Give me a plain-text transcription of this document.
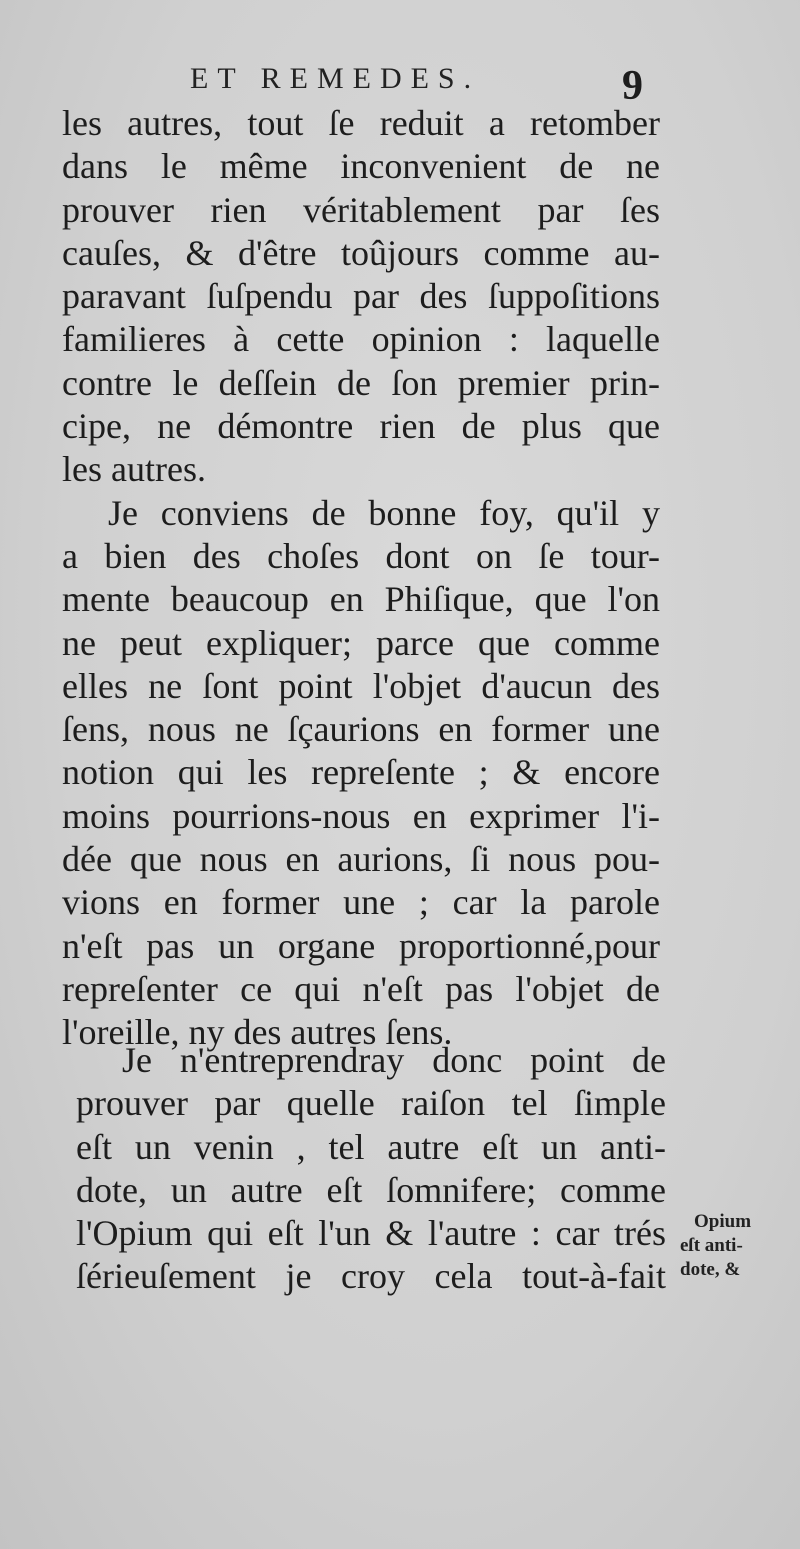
ET REMEDES.	9
les autres, tout ſe reduit a retomber
dans le même inconvenient de ne
prouver rien véritablement par ſes
cauſes, & d'être toûjours comme au-
paravant ſuſpendu par des ſuppoſitions
familieres à cette opinion : laquelle
contre le deſſein de ſon premier prin-
cipe, ne démontre rien de plus que
les autres.
Je conviens de bonne foy, qu'il y
a bien des choſes dont on ſe tour-
mente beaucoup en Phiſique, que l'on
ne peut expliquer; parce que comme
elles ne ſont point l'objet d'aucun des
ſens, nous ne ſçaurions en former une
notion qui les repreſente ; & encore
moins pourrions-nous en exprimer l'i-
dée que nous en aurions, ſi nous pou-
vions en former une ; car la parole
n'eſt pas un organe proportionné,pour
repreſenter ce qui n'eſt pas l'objet de
l'oreille, ny des autres ſens.
Je n'entreprendray donc point de
prouver par quelle raiſon tel ſimple
eſt un venin , tel autre eſt un anti-
dote, un autre eſt ſomnifere; comme
l'Opium qui eſt l'un & l'autre : car trés
ſérieuſement je croy cela tout-à-fait
Opium
eſt anti-
dote, &
